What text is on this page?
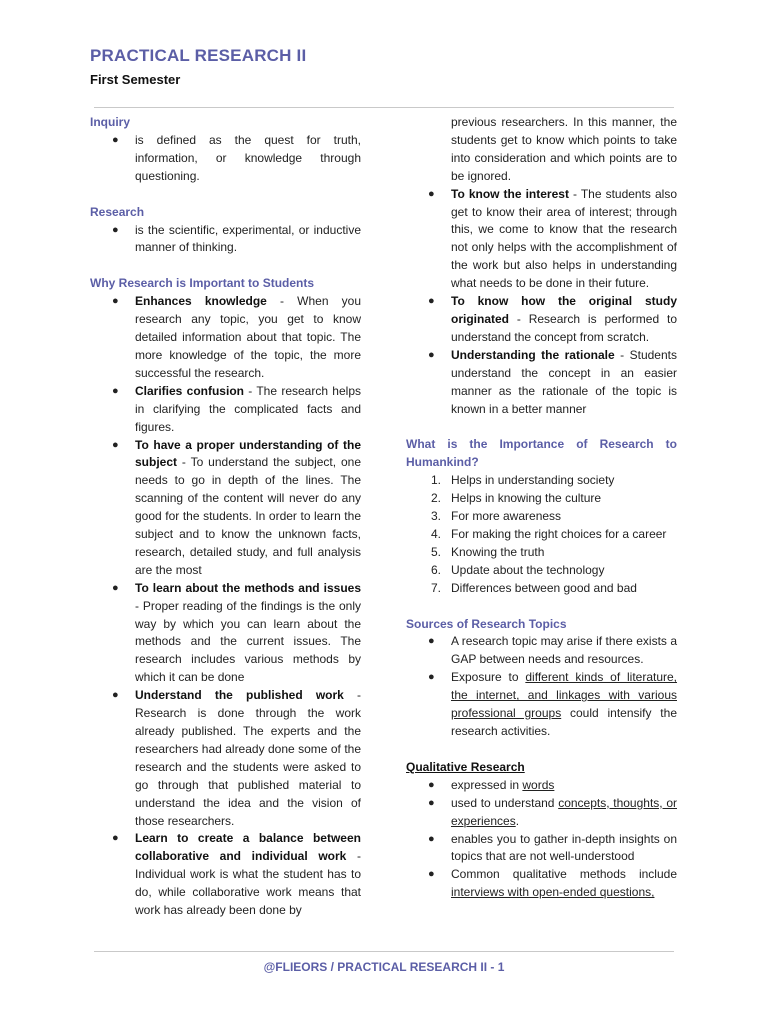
PRACTICAL RESEARCH II
First Semester
Inquiry
● is defined as the quest for truth, information, or knowledge through questioning.
Research
● is the scientific, experimental, or inductive manner of thinking.
Why Research is Important to Students
● Enhances knowledge - When you research any topic, you get to know detailed information about that topic. The more knowledge of the topic, the more successful the research.
● Clarifies confusion - The research helps in clarifying the complicated facts and figures.
● To have a proper understanding of the subject - To understand the subject, one needs to go in depth of the lines. The scanning of the content will never do any good for the students. In order to learn the subject and to know the unknown facts, research, detailed study, and full analysis are the most
● To learn about the methods and issues - Proper reading of the findings is the only way by which you can learn about the methods and the current issues. The research includes various methods by which it can be done
● Understand the published work - Research is done through the work already published. The experts and the researchers had already done some of the research and the students were asked to go through that published material to understand the idea and the vision of those researchers.
● Learn to create a balance between collaborative and individual work - Individual work is what the student has to do, while collaborative work means that work has already been done by
previous researchers. In this manner, the students get to know which points to take into consideration and which points are to be ignored.
● To know the interest - The students also get to know their area of interest; through this, we come to know that the research not only helps with the accomplishment of the work but also helps in understanding what needs to be done in their future.
● To know how the original study originated - Research is performed to understand the concept from scratch.
● Understanding the rationale - Students understand the concept in an easier manner as the rationale of the topic is known in a better manner
What is the Importance of Research to Humankind?
1. Helps in understanding society
2. Helps in knowing the culture
3. For more awareness
4. For making the right choices for a career
5. Knowing the truth
6. Update about the technology
7. Differences between good and bad
Sources of Research Topics
● A research topic may arise if there exists a GAP between needs and resources.
● Exposure to different kinds of literature, the internet, and linkages with various professional groups could intensify the research activities.
Qualitative Research
● expressed in words
● used to understand concepts, thoughts, or experiences.
● enables you to gather in-depth insights on topics that are not well-understood
● Common qualitative methods include interviews with open-ended questions,
@FLIEORS / PRACTICAL RESEARCH II - 1
